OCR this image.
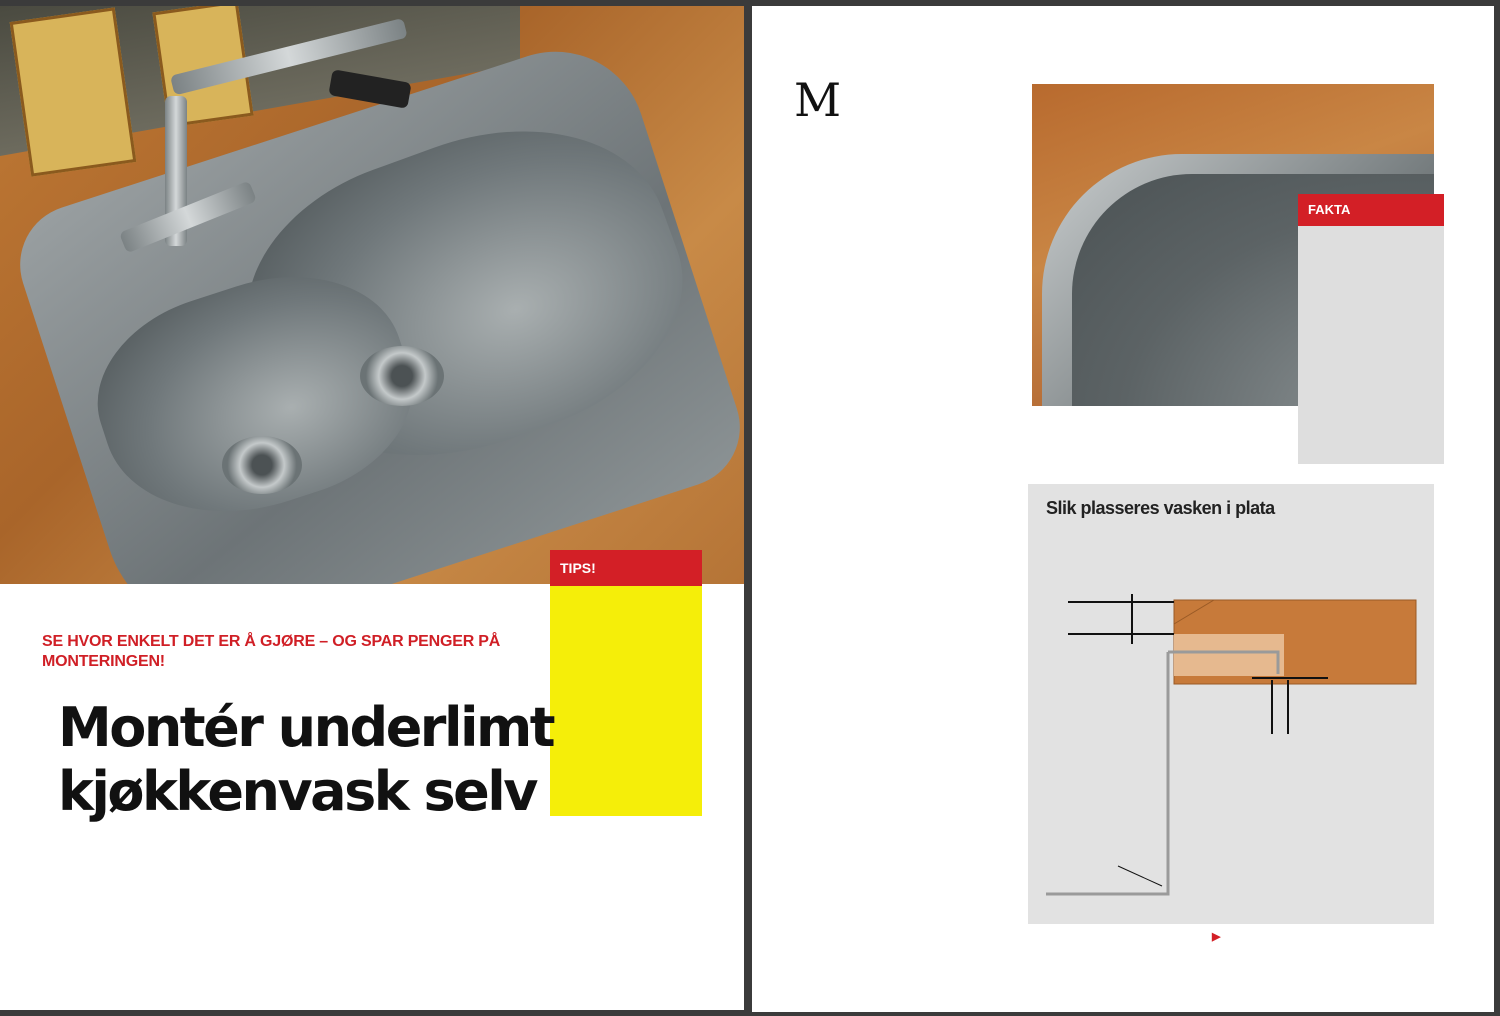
TIPS!
SE HVOR ENKELT DET ER Å GJØRE – OG SPAR PENGER PÅ MONTERINGEN!
Montér underlimt
kjøkkenvask selv
M
FAKTA
Slik plasseres vasken i plata
▶
